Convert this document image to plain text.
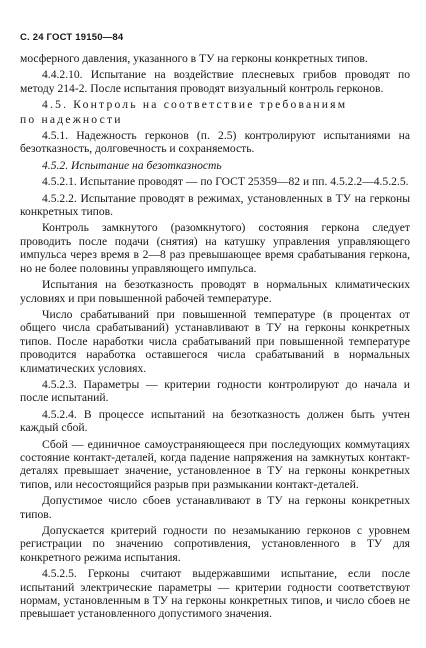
С. 24 ГОСТ 19150—84

мосферного давления, указанного в ТУ на герконы конкретных типов.

4.4.2.10. Испытание на воздействие плесневых грибов проводят по методу 214-2. После испытания проводят визуальный контроль герконов.

4.5. Контроль на соответствие требованиям

по надежности

4.5.1. Надежность герконов (п. 2.5) контролируют испытаниями на безотказность, долговечность и сохраняемость.

4.5.2. Испытание на безотказность

4.5.2.1. Испытание проводят — по ГОСТ 25359—82 и пп. 4.5.2.2—4.5.2.5.

4.5.2.2. Испытание проводят в режимах, установленных в ТУ на герконы конкретных типов.

Контроль замкнутого (разомкнутого) состояния геркона следует проводить после подачи (снятия) на катушку управления управляющего импульса через время в 2—8 раз превышающее время срабатывания геркона, но не более половины управляющего импульса.

Испытания на безотказность проводят в нормальных климатических условиях и при повышенной рабочей температуре.

Число срабатываний при повышенной температуре (в процентах от общего числа срабатываний) устанавливают в ТУ на герконы конкретных типов. После наработки числа срабатываний при повышенной температуре проводится наработка оставшегося числа срабатываний в нормальных климатических условиях.

4.5.2.3. Параметры — критерии годности контролируют до начала и после испытаний.

4.5.2.4. В процессе испытаний на безотказность должен быть учтен каждый сбой.

Сбой — единичное самоустраняющееся при последующих коммутациях состояние контакт-деталей, когда падение напряжения на замкнутых контакт-деталях превышает значение, установленное в ТУ на герконы конкретных типов, или несостоящийся разрыв при размыкании контакт-деталей.

Допустимое число сбоев устанавливают в ТУ на герконы конкретных типов.

Допускается критерий годности по незамыканию герконов с уровнем регистрации по значению сопротивления, установленного в ТУ для конкретного режима испытания.

4.5.2.5. Герконы считают выдержавшими испытание, если после испытаний электрические параметры — критерии годности соответствуют нормам, установленным в ТУ на герконы конкретных типов, и число сбоев не превышает установленного допустимого значения.
